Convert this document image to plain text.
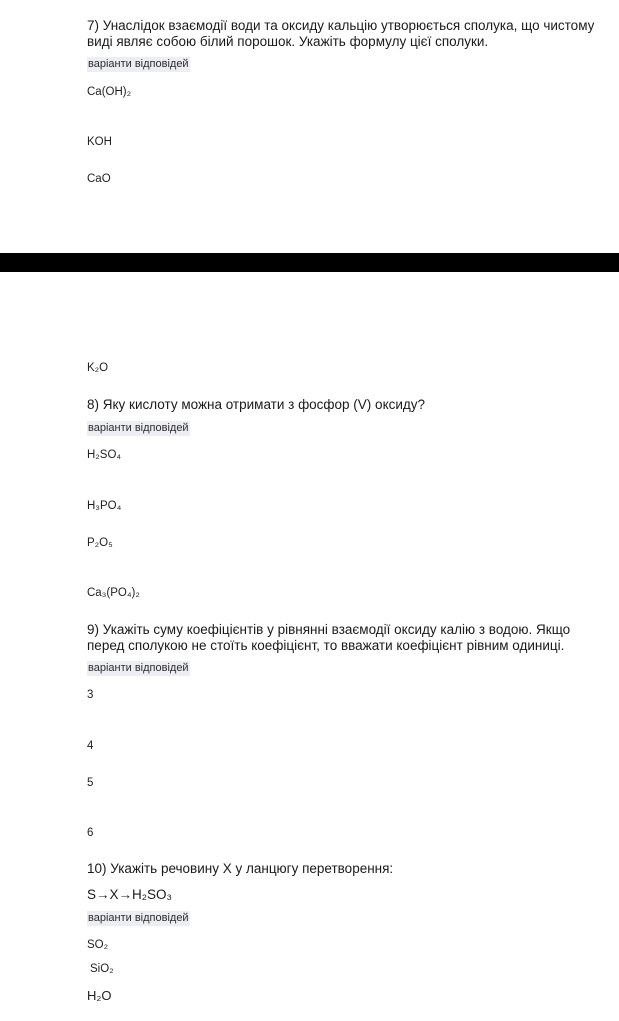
7) Унаслідок взаємодії води та оксиду кальцію утворюється сполука, що чистому виді являє собою білий порошок. Укажіть формулу цієї сполуки.
варіанти відповідей
Ca(OH)₂
KOH
CaO
K₂O
8) Яку кислоту можна отримати з фосфор (V) оксиду?
варіанти відповідей
H₂SO₄
H₃PO₄
P₂O₅
Ca₃(PO₄)₂
9) Укажіть суму коефіцієнтів у рівнянні взаємодії оксиду калію з водою. Якщо перед сполукою не стоїть коефіцієнт, то вважати коефіцієнт рівним одиниці.
варіанти відповідей
3
4
5
6
10) Укажіть речовину X у ланцюгу перетворення:
S→X→H₂SO₃
варіанти відповідей
SO₂
SiO₂
H₂O
